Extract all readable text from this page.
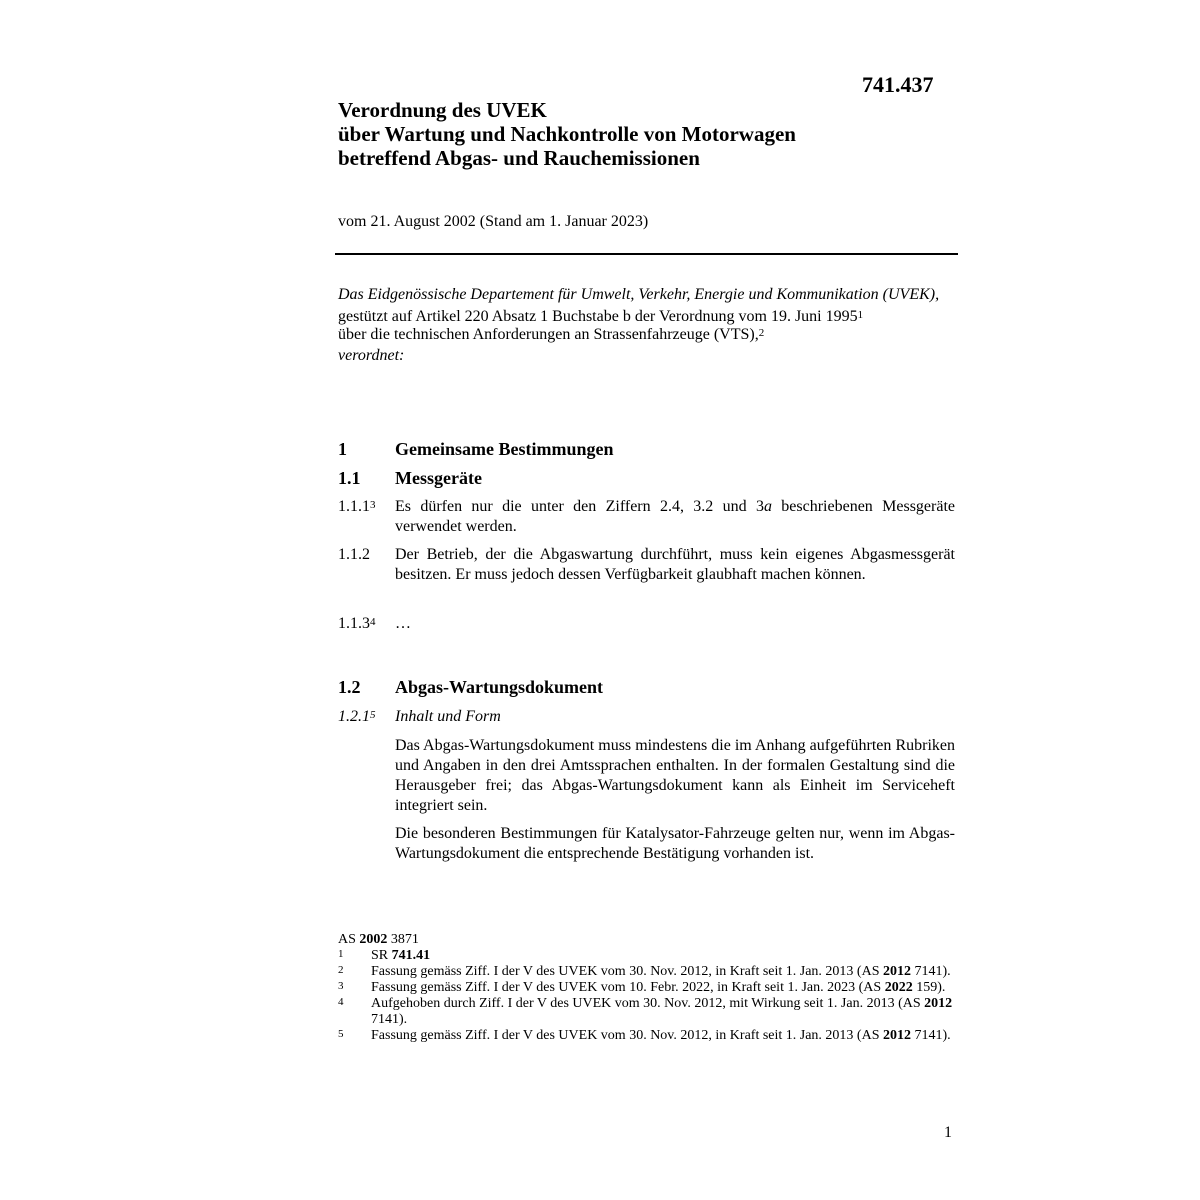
741.437
Verordnung des UVEK
über Wartung und Nachkontrolle von Motorwagen
betreffend Abgas- und Rauchemissionen
vom 21. August 2002 (Stand am 1. Januar 2023)
Das Eidgenössische Departement für Umwelt, Verkehr, Energie und Kommunikation (UVEK),
gestützt auf Artikel 220 Absatz 1 Buchstabe b der Verordnung vom 19. Juni 1995$^1$
über die technischen Anforderungen an Strassenfahrzeuge (VTS),$^2$
verordnet:
1	Gemeinsame Bestimmungen
1.1 Messgeräte
1.1.1$^3$ Es dürfen nur die unter den Ziffern 2.4, 3.2 und 3a beschriebenen Messgeräte verwendet werden.
1.1.2 Der Betrieb, der die Abgaswartung durchführt, muss kein eigenes Abgasmessgerät besitzen. Er muss jedoch dessen Verfügbarkeit glaubhaft machen können.
1.1.3$^4$ …
1.2 Abgas-Wartungsdokument
1.2.1$^5$ Inhalt und Form
Das Abgas-Wartungsdokument muss mindestens die im Anhang aufgeführten Rubriken und Angaben in den drei Amtssprachen enthalten. In der formalen Gestaltung sind die Herausgeber frei; das Abgas-Wartungsdokument kann als Einheit im Serviceheft integriert sein.
Die besonderen Bestimmungen für Katalysator-Fahrzeuge gelten nur, wenn im Abgas-Wartungsdokument die entsprechende Bestätigung vorhanden ist.
AS 2002 3871
1 SR 741.41
2 Fassung gemäss Ziff. I der V des UVEK vom 30. Nov. 2012, in Kraft seit 1. Jan. 2013 (AS 2012 7141).
3 Fassung gemäss Ziff. I der V des UVEK vom 10. Febr. 2022, in Kraft seit 1. Jan. 2023 (AS 2022 159).
4 Aufgehoben durch Ziff. I der V des UVEK vom 30. Nov. 2012, mit Wirkung seit 1. Jan. 2013 (AS 2012 7141).
5 Fassung gemäss Ziff. I der V des UVEK vom 30. Nov. 2012, in Kraft seit 1. Jan. 2013 (AS 2012 7141).
1
